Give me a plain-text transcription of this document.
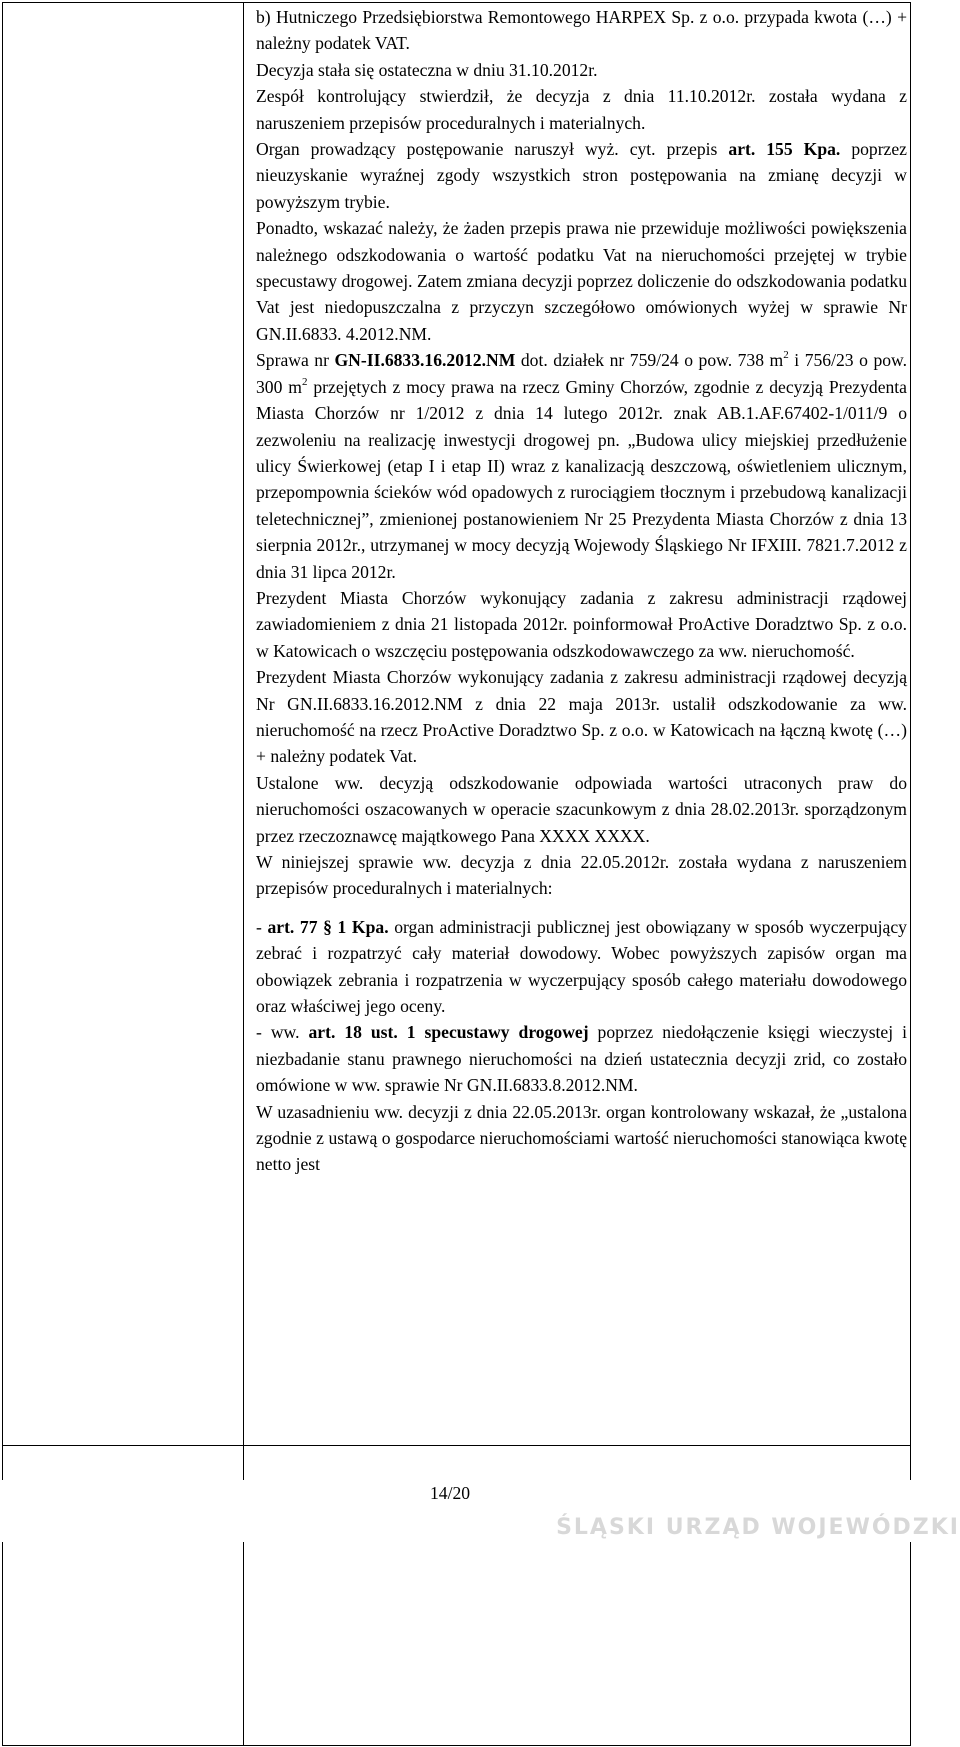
b) Hutniczego Przedsiębiorstwa Remontowego HARPEX Sp. z o.o. przypada kwota (…) + należny podatek VAT.

Decyzja stała się ostateczna w dniu 31.10.2012r.

Zespół kontrolujący stwierdził, że decyzja z dnia 11.10.2012r. została wydana z naruszeniem przepisów proceduralnych i materialnych.

Organ prowadzący postępowanie naruszył wyż. cyt. przepis art. 155 Kpa. poprzez nieuzyskanie wyraźnej zgody wszystkich stron postępowania na zmianę decyzji w powyższym trybie.

Ponadto, wskazać należy, że żaden przepis prawa nie przewiduje możliwości powiększenia należnego odszkodowania o wartość podatku Vat na nieruchomości przejętej w trybie specustawy drogowej. Zatem zmiana decyzji poprzez doliczenie do odszkodowania podatku Vat jest niedopuszczalna z przyczyn szczegółowo omówionych wyżej w sprawie Nr GN.II.6833. 4.2012.NM.

Sprawa nr GN-II.6833.16.2012.NM dot. działek nr 759/24 o pow. 738 $m^2$ i 756/23 o pow. 300 $m^2$ przejętych z mocy prawa na rzecz Gminy Chorzów, zgodnie z decyzją Prezydenta Miasta Chorzów nr 1/2012 z dnia 14 lutego 2012r. znak AB.1.AF.67402-1/011/9 o zezwoleniu na realizację inwestycji drogowej pn. „Budowa ulicy miejskiej przedłużenie ulicy Świerkowej (etap I i etap II) wraz z kanalizacją deszczową, oświetleniem ulicznym, przepompownia ścieków wód opadowych z rurociągiem tłocznym i przebudową kanalizacji teletechnicznej”, zmienionej postanowieniem Nr 25 Prezydenta Miasta Chorzów z dnia 13 sierpnia 2012r., utrzymanej w mocy decyzją Wojewody Śląskiego Nr IFXIII. 7821.7.2012 z dnia 31 lipca 2012r.

Prezydent Miasta Chorzów wykonujący zadania z zakresu administracji rządowej zawiadomieniem z dnia 21 listopada 2012r. poinformował ProActive Doradztwo Sp. z o.o. w Katowicach o wszczęciu postępowania odszkodowawczego za ww. nieruchomość.

Prezydent Miasta Chorzów wykonujący zadania z zakresu administracji rządowej decyzją Nr GN.II.6833.16.2012.NM z dnia 22 maja 2013r. ustalił odszkodowanie za ww. nieruchomość na rzecz ProActive Doradztwo Sp. z o.o. w Katowicach na łączną kwotę (…) + należny podatek Vat.

Ustalone ww. decyzją odszkodowanie odpowiada wartości utraconych praw do nieruchomości oszacowanych w operacie szacunkowym z dnia 28.02.2013r. sporządzonym przez rzeczoznawcę majątkowego Pana XXXX XXXX.

W niniejszej sprawie ww. decyzja z dnia 22.05.2012r. została wydana z naruszeniem przepisów proceduralnych i materialnych:

- art. 77 § 1 Kpa. organ administracji publicznej jest obowiązany w sposób wyczerpujący zebrać i rozpatrzyć cały materiał dowodowy. Wobec powyższych zapisów organ ma obowiązek zebrania i rozpatrzenia w wyczerpujący sposób całego materiału dowodowego oraz właściwej jego oceny.

- ww. art. 18 ust. 1 specustawy drogowej poprzez niedołączenie księgi wieczystej i niezbadanie stanu prawnego nieruchomości na dzień ustatecznia decyzji zrid, co zostało omówione w ww. sprawie Nr GN.II.6833.8.2012.NM.

W uzasadnieniu ww. decyzji z dnia 22.05.2013r. organ kontrolowany wskazał, że „ustalona zgodnie z ustawą o gospodarce nieruchomościami wartość nieruchomości stanowiąca kwotę netto jest

14/20
ŚLĄSKI URZĄD WOJEWÓDZKI
